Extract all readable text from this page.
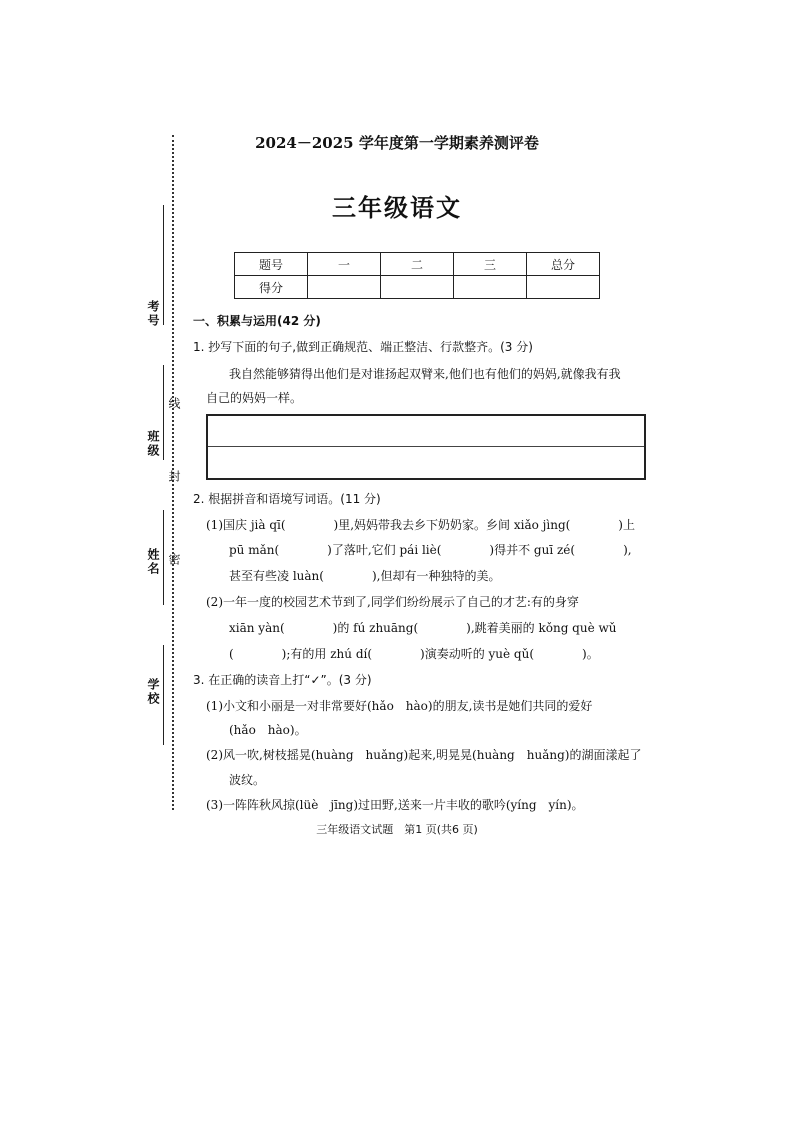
考号
线
班级
封
姓名 密
学校
2024－2025 学年度第一学期素养测评卷
三年级语文
题号	一	二	三	总分
得分				
一、积累与运用(42 分)
1. 抄写下面的句子,做到正确规范、端正整洁、行款整齐。(3 分)
我自然能够猜得出他们是对谁扬起双臂来,他们也有他们的妈妈,就像我有我
自己的妈妈一样。
2. 根据拼音和语境写词语。(11 分)
(1)国庆 jià qī(　　　　)里,妈妈带我去乡下奶奶家。乡间 xiǎo jìng(　　　　)上
pū mǎn(　　　　)了落叶,它们 pái liè(　　　　)得并不 guī zé(　　　　),
甚至有些凌 luàn(　　　　),但却有一种独特的美。
(2)一年一度的校园艺术节到了,同学们纷纷展示了自己的才艺:有的身穿
xiān yàn(　　　　)的 fú zhuāng(　　　　),跳着美丽的 kǒng què wǔ
(　　　　);有的用 zhú dí(　　　　)演奏动听的 yuè qǔ(　　　　)。
3. 在正确的读音上打“✓”。(3 分)
(1)小文和小丽是一对非常要好(hǎo　hào)的朋友,读书是她们共同的爱好
(hǎo　hào)。
(2)风一吹,树枝摇晃(huàng　huǎng)起来,明晃晃(huàng　huǎng)的湖面漾起了
波纹。
(3)一阵阵秋风掠(lüè　jīng)过田野,送来一片丰收的歌吟(yíng　yín)。
三年级语文试题　第1 页(共6 页)
